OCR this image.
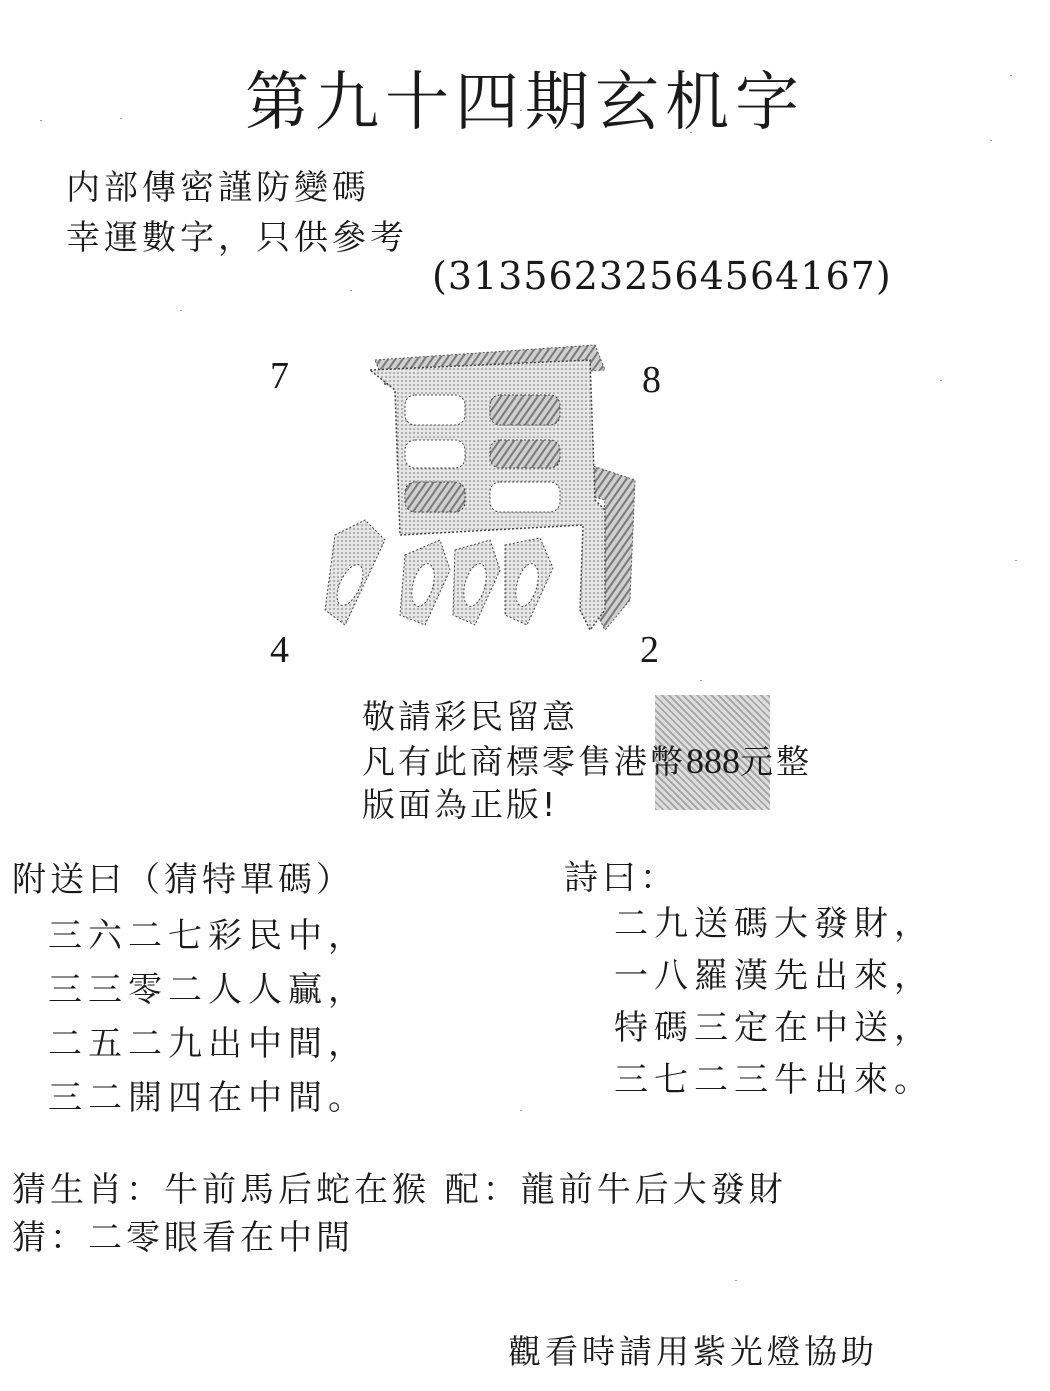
第九十四期玄机字
内部傳密謹防變碼
幸運數字，只供參考
(31356232564564167)
7	8
4	2
敬請彩民留意
凡有此商標零售港幣888元整
版面為正版!
附送曰（猜特單碼）
三六二七彩民中，
三三零二人人贏，
二五二九出中間，
三二開四在中間。
詩曰：
二九送碼大發財，
一八羅漢先出來，
特碼三定在中送，
三七二三牛出來。
猜生肖：牛前馬后蛇在猴 配：龍前牛后大發財
猜：二零眼看在中間
觀看時請用紫光燈協助
